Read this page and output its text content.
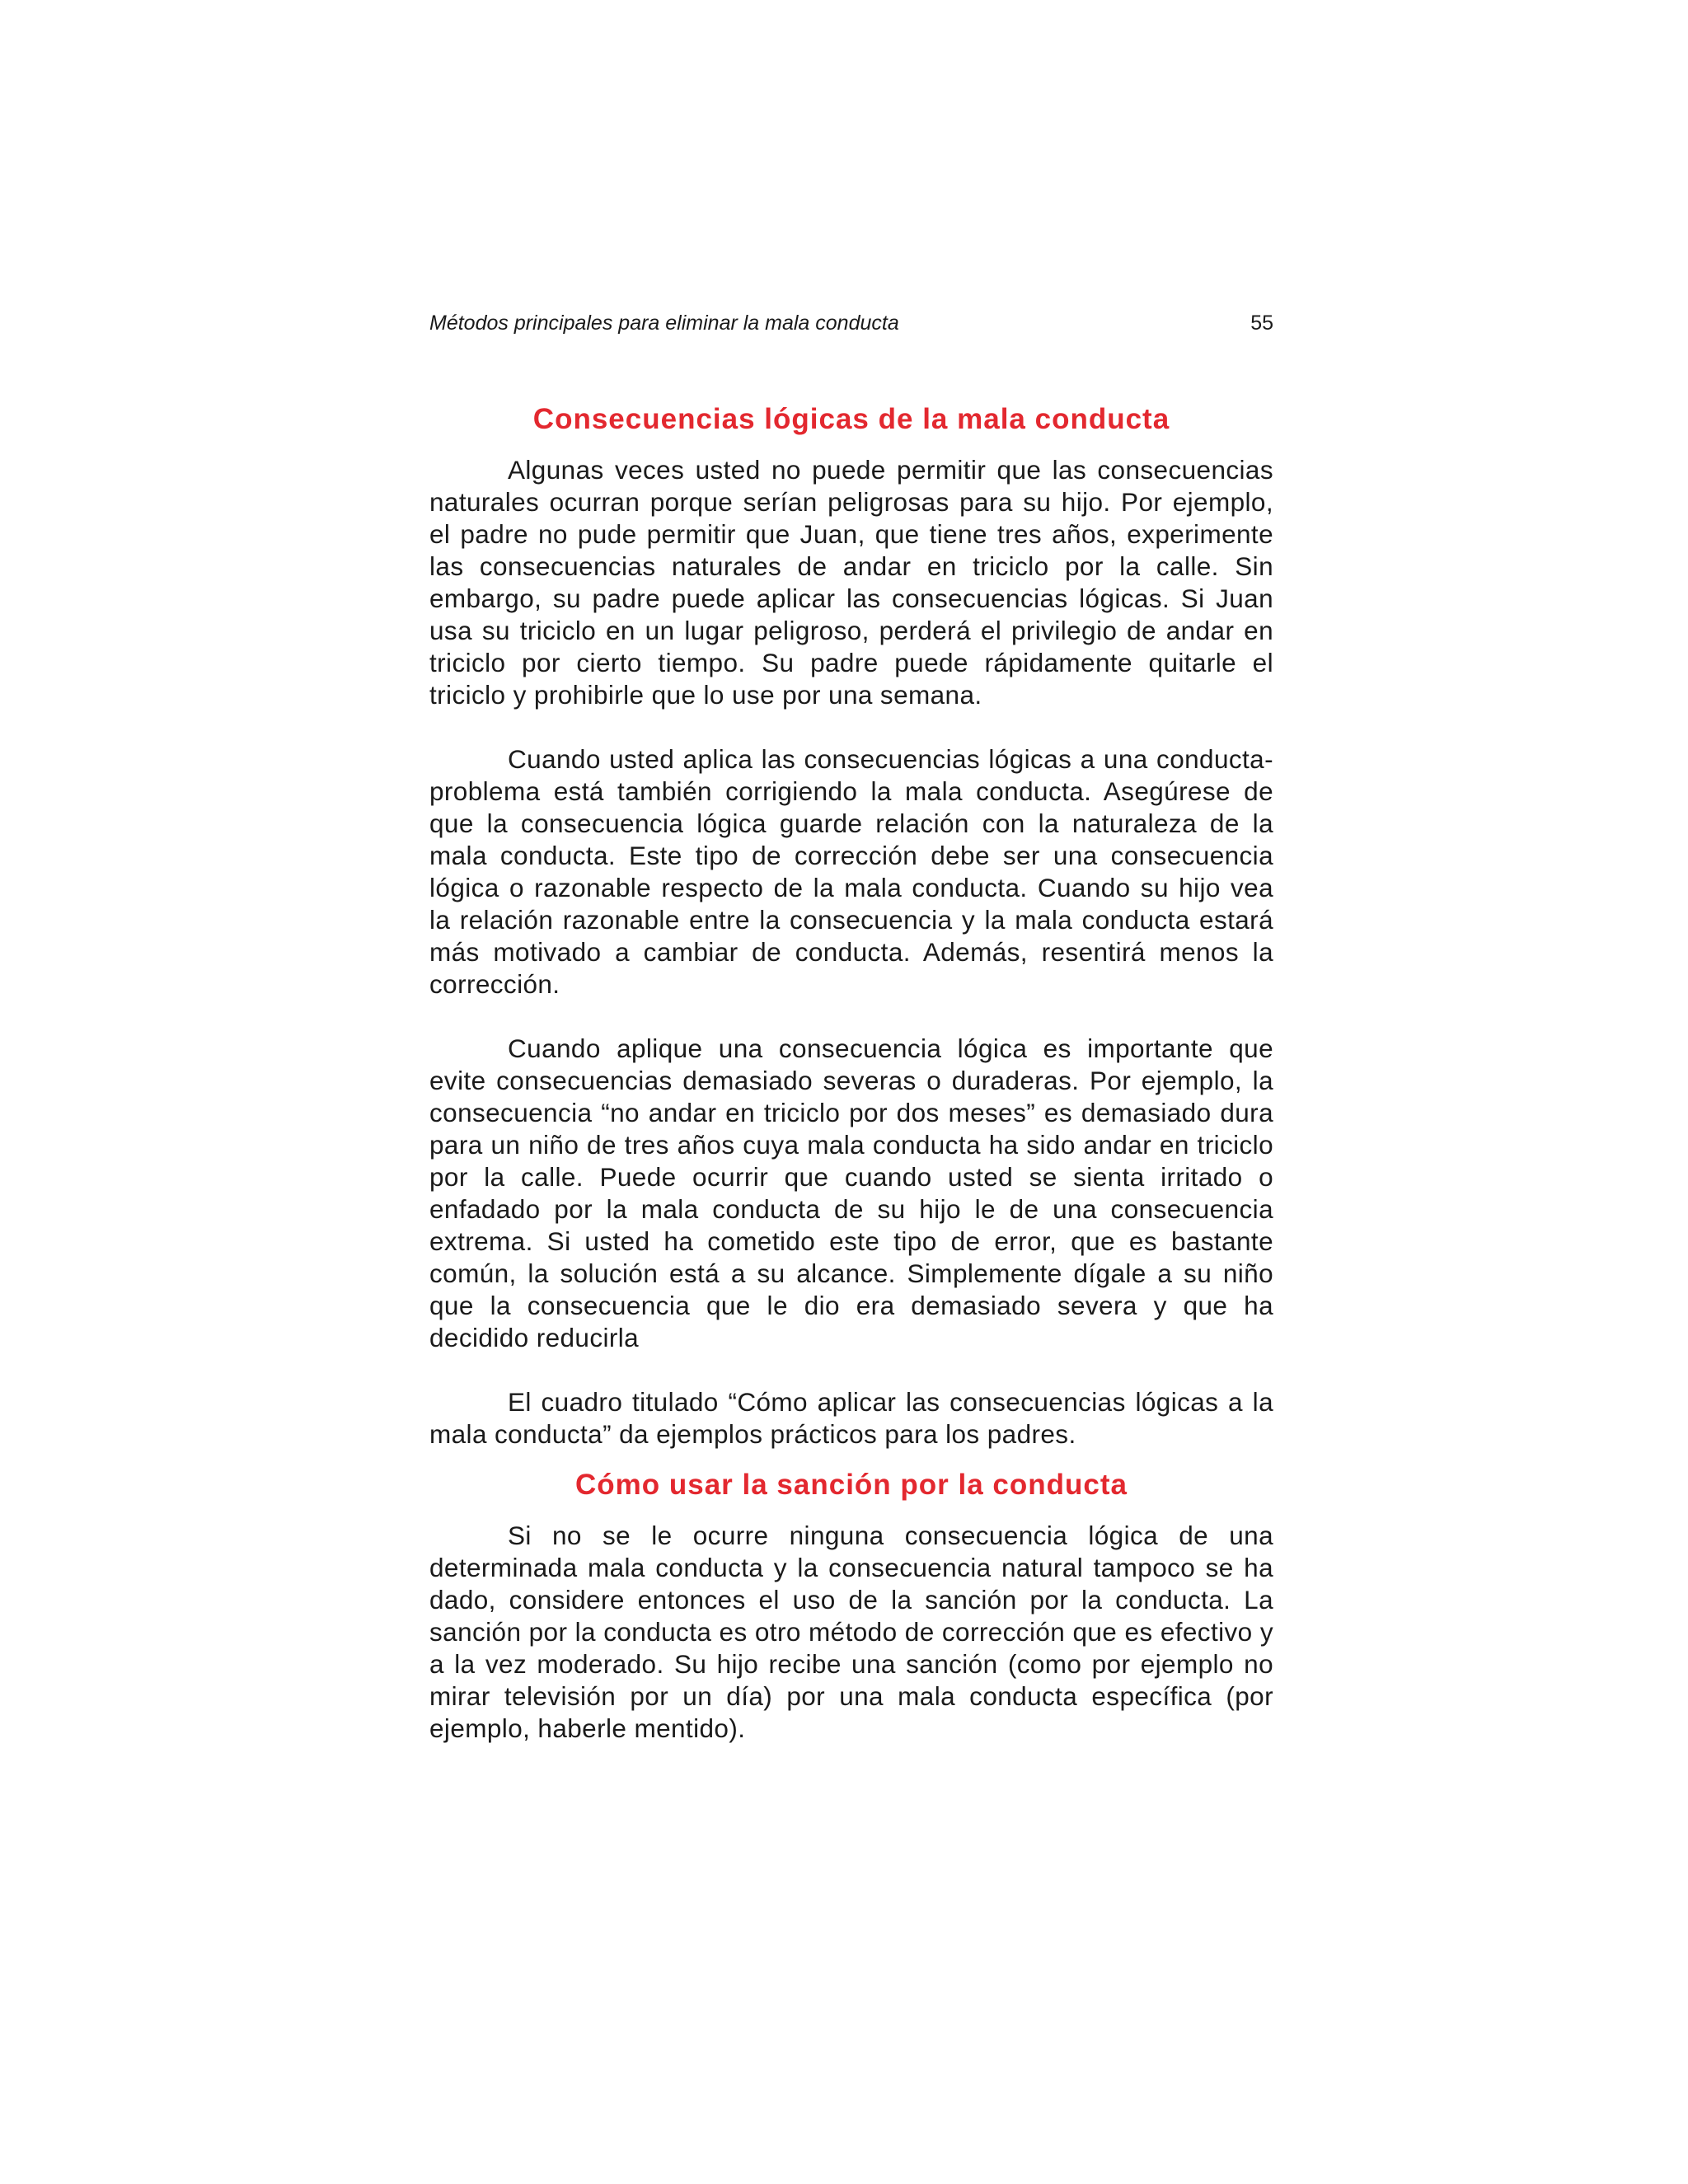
Métodos principales para eliminar la mala conducta	55
Consecuencias lógicas de la mala conducta

Algunas veces usted no puede permitir que las consecuencias naturales ocurran porque serían peligrosas para su hijo. Por ejemplo, el padre no pude permitir que Juan, que tiene tres años, experimente las consecuencias naturales de andar en triciclo por la calle. Sin embargo, su padre puede aplicar las consecuencias lógicas. Si Juan usa su triciclo en un lugar peligroso, perderá el privilegio de andar en triciclo por cierto tiempo. Su padre puede rápidamente quitarle el triciclo y prohibirle que lo use por una semana.

Cuando usted aplica las consecuencias lógicas a una conducta-problema está también corrigiendo la mala conducta. Asegúrese de que la consecuencia lógica guarde relación con la naturaleza de la mala conducta. Este tipo de corrección debe ser una consecuencia lógica o razonable respecto de la mala conducta. Cuando su hijo vea la relación razonable entre la consecuencia y la mala conducta estará más motivado a cambiar de conducta. Además, resentirá menos la corrección.

Cuando aplique una consecuencia lógica es importante que evite consecuencias demasiado severas o duraderas. Por ejemplo, la consecuencia “no andar en triciclo por dos meses” es demasiado dura para un niño de tres años cuya mala conducta ha sido andar en triciclo por la calle. Puede ocurrir que cuando usted se sienta irritado o enfadado por la mala conducta de su hijo le de una consecuencia extrema. Si usted ha cometido este tipo de error, que es bastante común, la solución está a su alcance. Simplemente dígale a su niño que la consecuencia que le dio era demasiado severa y que ha decidido reducirla

El cuadro titulado “Cómo aplicar las consecuencias lógicas a la mala conducta” da ejemplos prácticos para los padres.

Cómo usar la sanción por la conducta

Si no se le ocurre ninguna consecuencia lógica de una determinada mala conducta y la consecuencia natural tampoco se ha dado, considere entonces el uso de la sanción por la conducta. La sanción por la conducta es otro método de corrección que es efectivo y a la vez moderado. Su hijo recibe una sanción (como por ejemplo no mirar televisión por un día) por una mala conducta específica (por ejemplo, haberle mentido).
